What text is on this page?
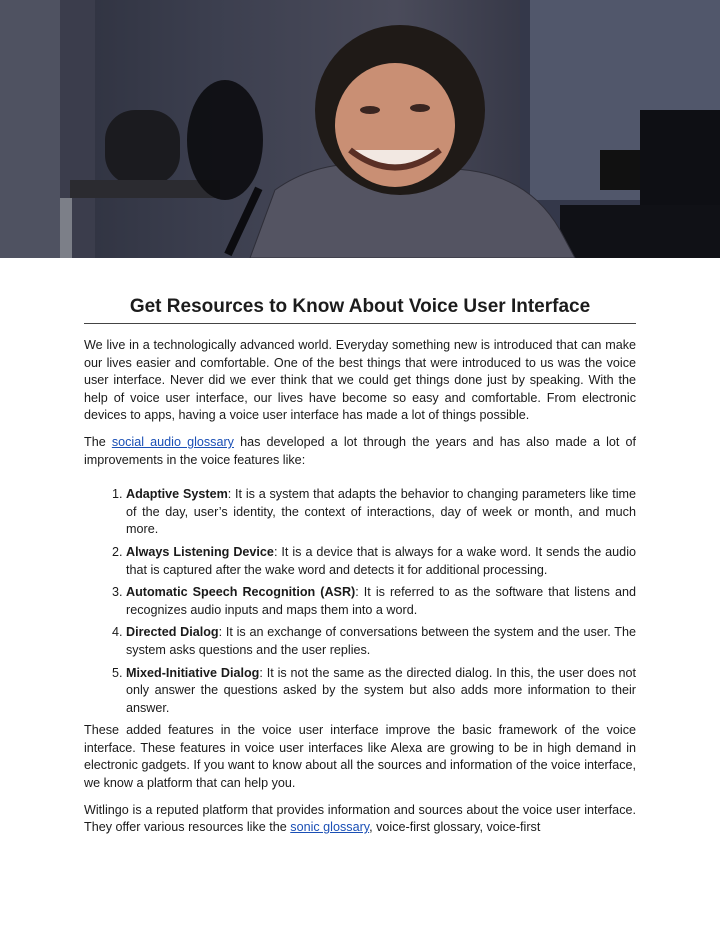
Get Resources to Know About Voice User Interface

We live in a technologically advanced world. Everyday something new is introduced that can make our lives easier and comfortable. One of the best things that were introduced to us was the voice user interface. Never did we ever think that we could get things done just by speaking. With the help of voice user interface, our lives have become so easy and comfortable. From electronic devices to apps, having a voice user interface has made a lot of things possible.

The social audio glossary has developed a lot through the years and has also made a lot of improvements in the voice features like:

1. Adaptive System: It is a system that adapts the behavior to changing parameters like time of the day, user’s identity, the context of interactions, day of week or month, and much more.
2. Always Listening Device: It is a device that is always for a wake word. It sends the audio that is captured after the wake word and detects it for additional processing.
3. Automatic Speech Recognition (ASR): It is referred to as the software that listens and recognizes audio inputs and maps them into a word.
4. Directed Dialog: It is an exchange of conversations between the system and the user. The system asks questions and the user replies.
5. Mixed-Initiative Dialog: It is not the same as the directed dialog. In this, the user does not only answer the questions asked by the system but also adds more information to their answer.

These added features in the voice user interface improve the basic framework of the voice interface. These features in voice user interfaces like Alexa are growing to be in high demand in electronic gadgets. If you want to know about all the sources and information of the voice interface, we know a platform that can help you.

Witlingo is a reputed platform that provides information and sources about the voice user interface. They offer various resources like the sonic glossary, voice-first glossary, voice-first
